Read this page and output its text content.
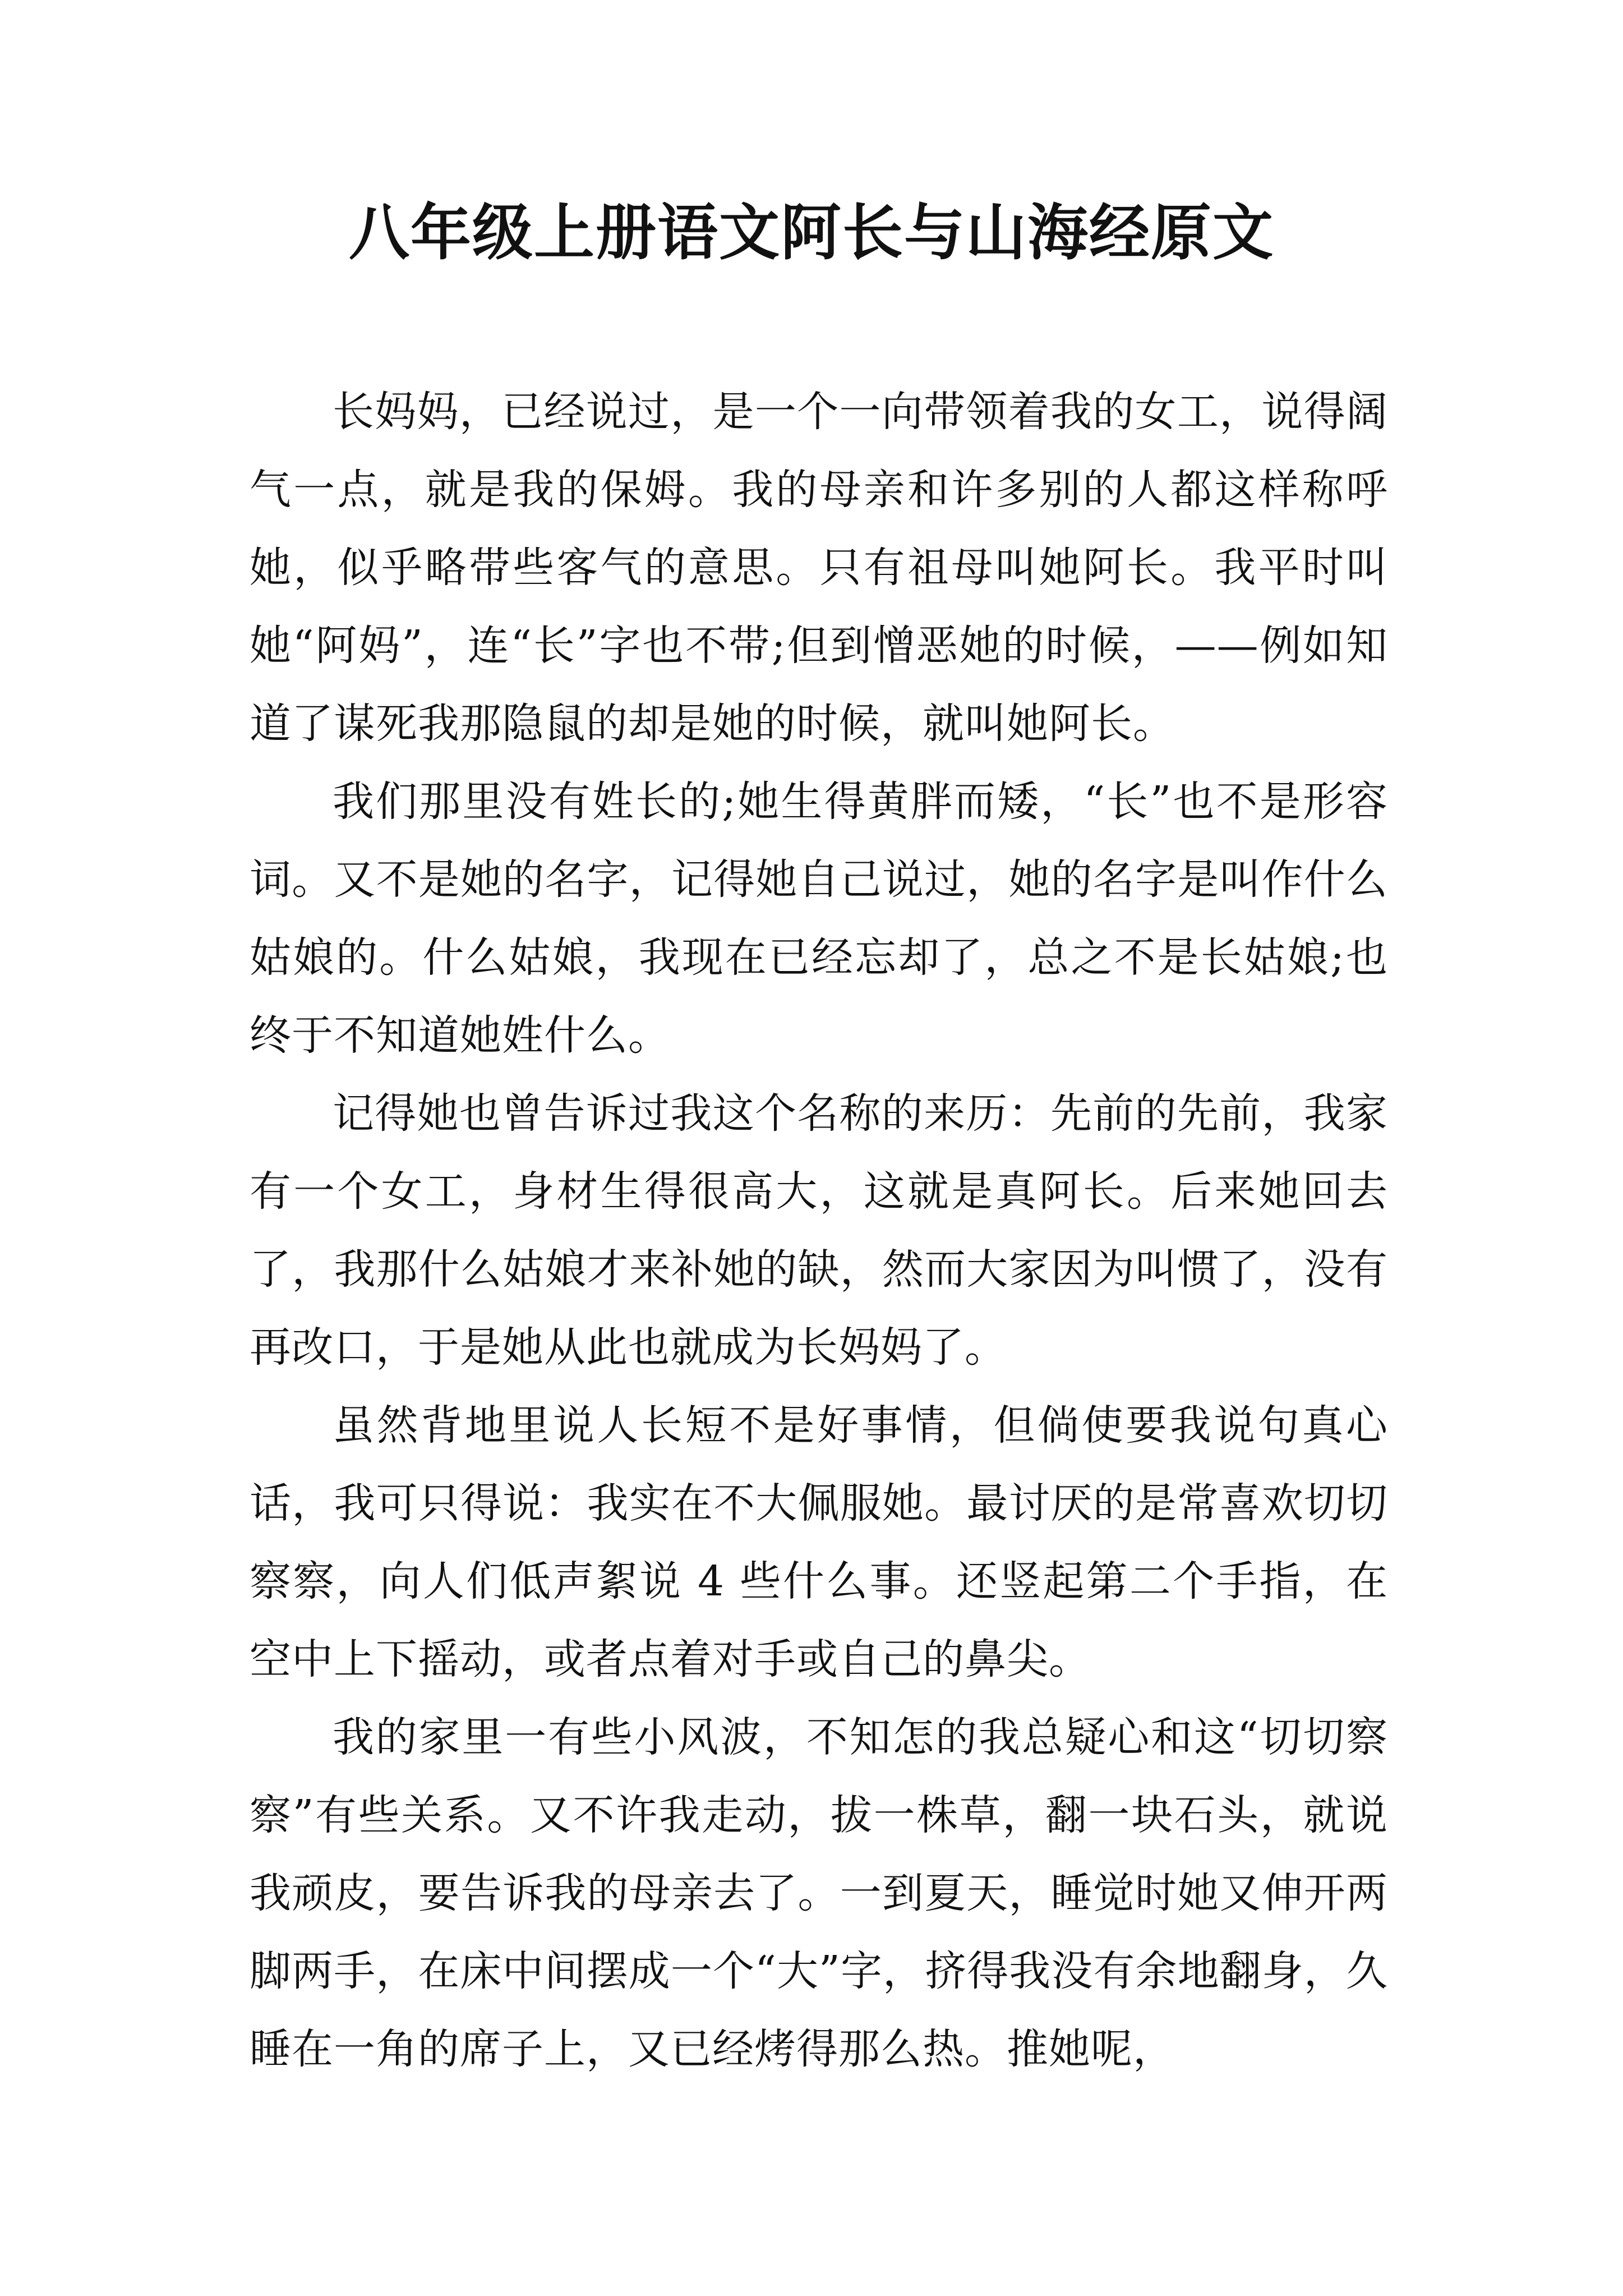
八年级上册语文阿长与山海经原文

长妈妈，已经说过，是一个一向带领着我的女工，说得阔气一点，就是我的保姆。我的母亲和许多别的人都这样称呼她，似乎略带些客气的意思。只有祖母叫她阿长。我平时叫她“阿妈”，连“长”字也不带;但到憎恶她的时候，——例如知道了谋死我那隐鼠的却是她的时候，就叫她阿长。

我们那里没有姓长的;她生得黄胖而矮，“长”也不是形容词。又不是她的名字，记得她自己说过，她的名字是叫作什么姑娘的。什么姑娘，我现在已经忘却了，总之不是长姑娘;也终于不知道她姓什么。

记得她也曾告诉过我这个名称的来历：先前的先前，我家有一个女工，身材生得很高大，这就是真阿长。后来她回去了，我那什么姑娘才来补她的缺，然而大家因为叫惯了，没有再改口，于是她从此也就成为长妈妈了。

虽然背地里说人长短不是好事情，但倘使要我说句真心话，我可只得说：我实在不大佩服她。最讨厌的是常喜欢切切察察，向人们低声絮说 4 些什么事。还竖起第二个手指，在空中上下摇动，或者点着对手或自己的鼻尖。

我的家里一有些小风波，不知怎的我总疑心和这“切切察察”有些关系。又不许我走动，拔一株草，翻一块石头，就说我顽皮，要告诉我的母亲去了。一到夏天，睡觉时她又伸开两脚两手，在床中间摆成一个“大”字，挤得我没有余地翻身，久睡在一角的席子上，又已经烤得那么热。推她呢，
